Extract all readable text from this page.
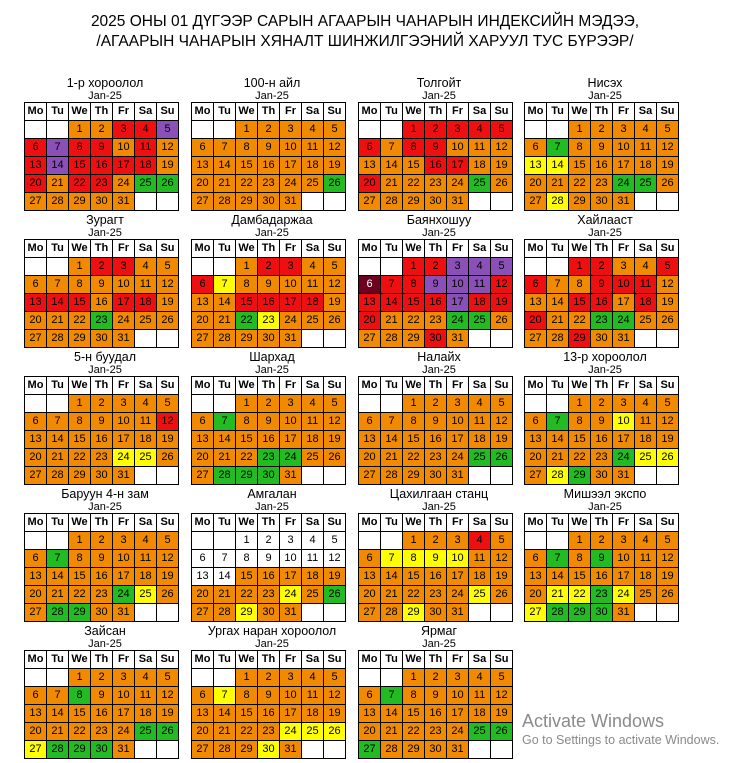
2025 ОНЫ 01 ДҮГЭЭР САРЫН АГААРЫН ЧАНАРЫН ИНДЕКСИЙН МЭДЭЭ,
/АГААРЫН ЧАНАРЫН ХЯНАЛТ ШИНЖИЛГЭЭНИЙ ХАРУУЛ ТУС БҮРЭЭР/
1-р хороолол
Jan-25
Mo	Tu	We	Th	Fr	Sa	Su
		1	2	3	4	5
6	7	8	9	10	11	12
13	14	15	16	17	18	19
20	21	22	23	24	25	26
27	28	29	30	31		
100-н айл
Jan-25
Mo	Tu	We	Th	Fr	Sa	Su
		1	2	3	4	5
6	7	8	9	10	11	12
13	14	15	16	17	18	19
20	21	22	23	24	25	26
27	28	29	30	31		
Толгойт
Jan-25
Mo	Tu	We	Th	Fr	Sa	Su
		1	2	3	4	5
6	7	8	9	10	11	12
13	14	15	16	17	18	19
20	21	22	23	24	25	26
27	28	29	30	31		
Нисэх
Jan-25
Mo	Tu	We	Th	Fr	Sa	Su
		1	2	3	4	5
6	7	8	9	10	11	12
13	14	15	16	17	18	19
20	21	22	23	24	25	26
27	28	29	30	31		
Зурагт
Jan-25
Mo	Tu	We	Th	Fr	Sa	Su
		1	2	3	4	5
6	7	8	9	10	11	12
13	14	15	16	17	18	19
20	21	22	23	24	25	26
27	28	29	30	31		
Дамбадаржаа
Jan-25
Mo	Tu	We	Th	Fr	Sa	Su
		1	2	3	4	5
6	7	8	9	10	11	12
13	14	15	16	17	18	19
20	21	22	23	24	25	26
27	28	29	30	31		
Баянхошуу
Jan-25
Mo	Tu	We	Th	Fr	Sa	Su
		1	2	3	4	5
6	7	8	9	10	11	12
13	14	15	16	17	18	19
20	21	22	23	24	25	26
27	28	29	30	31		
Хайлааст
Jan-25
Mo	Tu	We	Th	Fr	Sa	Su
		1	2	3	4	5
6	7	8	9	10	11	12
13	14	15	16	17	18	19
20	21	22	23	24	25	26
27	28	29	30	31		
5-н буудал
Jan-25
Mo	Tu	We	Th	Fr	Sa	Su
		1	2	3	4	5
6	7	8	9	10	11	12
13	14	15	16	17	18	19
20	21	22	23	24	25	26
27	28	29	30	31		
Шархад
Jan-25
Mo	Tu	We	Th	Fr	Sa	Su
		1	2	3	4	5
6	7	8	9	10	11	12
13	14	15	16	17	18	19
20	21	22	23	24	25	26
27	28	29	30	31		
Налайх
Jan-25
Mo	Tu	We	Th	Fr	Sa	Su
		1	2	3	4	5
6	7	8	9	10	11	12
13	14	15	16	17	18	19
20	21	22	23	24	25	26
27	28	29	30	31		
13-р хороолол
Jan-25
Mo	Tu	We	Th	Fr	Sa	Su
		1	2	3	4	5
6	7	8	9	10	11	12
13	14	15	16	17	18	19
20	21	22	23	24	25	26
27	28	29	30	31		
Баруун 4-н зам
Jan-25
Mo	Tu	We	Th	Fr	Sa	Su
		1	2	3	4	5
6	7	8	9	10	11	12
13	14	15	16	17	18	19
20	21	22	23	24	25	26
27	28	29	30	31		
Амгалан
Jan-25
Mo	Tu	We	Th	Fr	Sa	Su
		1	2	3	4	5
6	7	8	9	10	11	12
13	14	15	16	17	18	19
20	21	22	23	24	25	26
27	28	29	30	31		
Цахилгаан станц
Jan-25
Mo	Tu	We	Th	Fr	Sa	Su
		1	2	3	4	5
6	7	8	9	10	11	12
13	14	15	16	17	18	19
20	21	22	23	24	25	26
27	28	29	30	31		
Мишээл экспо
Jan-25
Mo	Tu	We	Th	Fr	Sa	Su
		1	2	3	4	5
6	7	8	9	10	11	12
13	14	15	16	17	18	19
20	21	22	23	24	25	26
27	28	29	30	31		
Зайсан
Jan-25
Mo	Tu	We	Th	Fr	Sa	Su
		1	2	3	4	5
6	7	8	9	10	11	12
13	14	15	16	17	18	19
20	21	22	23	24	25	26
27	28	29	30	31		
Ургах наран хороолол
Jan-25
Mo	Tu	We	Th	Fr	Sa	Su
		1	2	3	4	5
6	7	8	9	10	11	12
13	14	15	16	17	18	19
20	21	22	23	24	25	26
27	28	29	30	31		
Ярмаг
Jan-25
Mo	Tu	We	Th	Fr	Sa	Su
		1	2	3	4	5
6	7	8	9	10	11	12
13	14	15	16	17	18	19
20	21	22	23	24	25	26
27	28	29	30	31		
Activate Windows
Go to Settings to activate Windows.
